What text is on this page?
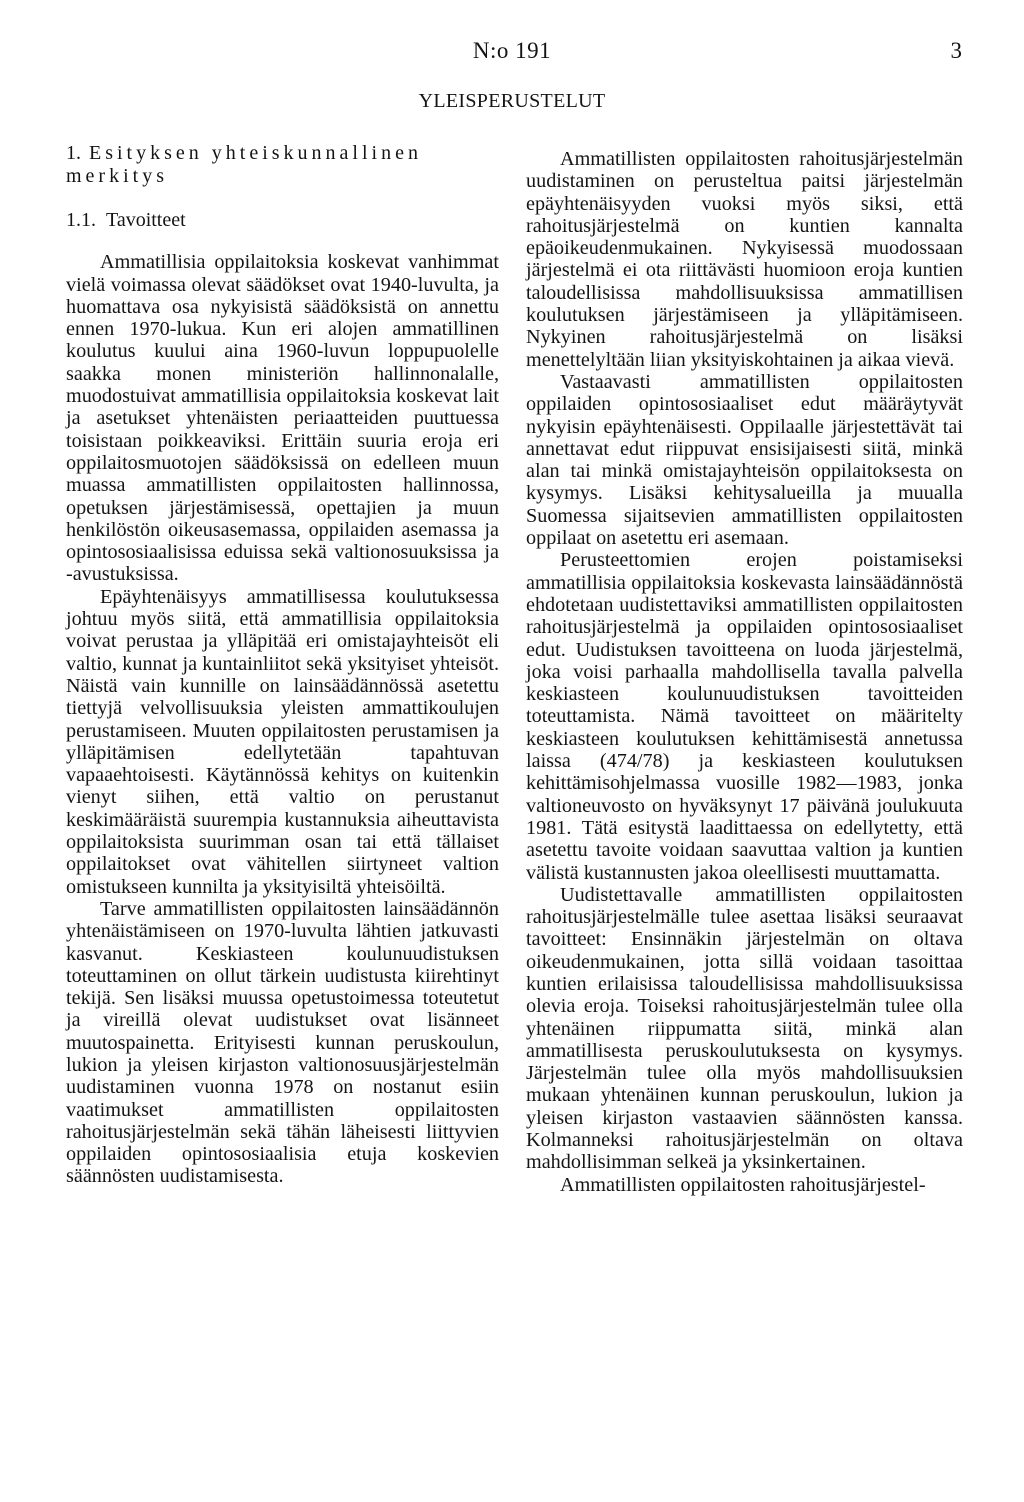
N:o 191	3
YLEISPERUSTELUT
1. Esityksen yhteiskunnallinen merkitys
1.1. Tavoitteet

Ammatillisia oppilaitoksia koskevat vanhimmat vielä voimassa olevat säädökset ovat 1940-luvulta, ja huomattava osa nykyisistä säädöksistä on annettu ennen 1970-lukua. Kun eri alojen ammatillinen koulutus kuului aina 1960-luvun loppupuolelle saakka monen ministeriön hallinnonalalle, muodostuivat ammatillisia oppilaitoksia koskevat lait ja asetukset yhtenäisten periaatteiden puuttuessa toisistaan poikkeaviksi. Erittäin suuria eroja eri oppilaitosmuotojen säädöksissä on edelleen muun muassa ammatillisten oppilaitosten hallinnossa, opetuksen järjestämisessä, opettajien ja muun henkilöstön oikeusasemassa, oppilaiden asemassa ja opintososiaalisissa eduissa sekä valtionosuuksissa ja -avustuksissa.

Epäyhtenäisyys ammatillisessa koulutuksessa johtuu myös siitä, että ammatillisia oppilaitoksia voivat perustaa ja ylläpitää eri omistajayhteisöt eli valtio, kunnat ja kuntainliitot sekä yksityiset yhteisöt. Näistä vain kunnille on lainsäädännössä asetettu tiettyjä velvollisuuksia yleisten ammattikoulujen perustamiseen. Muuten oppilaitosten perustamisen ja ylläpitämisen edellytetään tapahtuvan vapaaehtoisesti. Käytännössä kehitys on kuitenkin vienyt siihen, että valtio on perustanut keskimääräistä suurempia kustannuksia aiheuttavista oppilaitoksista suurimman osan tai että tällaiset oppilaitokset ovat vähitellen siirtyneet valtion omistukseen kunnilta ja yksityisiltä yhteisöiltä.

Tarve ammatillisten oppilaitosten lainsäädännön yhtenäistämiseen on 1970-luvulta lähtien jatkuvasti kasvanut. Keskiasteen koulunuudistuksen toteuttaminen on ollut tärkein uudistusta kiirehtinyt tekijä. Sen lisäksi muussa opetustoimessa toteutetut ja vireillä olevat uudistukset ovat lisänneet muutospainetta. Erityisesti kunnan peruskoulun, lukion ja yleisen kirjaston valtionosuusjärjestelmän uudistaminen vuonna 1978 on nostanut esiin vaatimukset ammatillisten oppilaitosten rahoitusjärjestelmän sekä tähän läheisesti liittyvien oppilaiden opintososiaalisia etuja koskevien säännösten uudistamisesta.

Ammatillisten oppilaitosten rahoitusjärjestelmän uudistaminen on perusteltua paitsi järjestelmän epäyhtenäisyyden vuoksi myös siksi, että rahoitusjärjestelmä on kuntien kannalta epäoikeudenmukainen. Nykyisessä muodossaan järjestelmä ei ota riittävästi huomioon eroja kuntien taloudellisissa mahdollisuuksissa ammatillisen koulutuksen järjestämiseen ja ylläpitämiseen. Nykyinen rahoitusjärjestelmä on lisäksi menettelyltään liian yksityiskohtainen ja aikaa vievä.

Vastaavasti ammatillisten oppilaitosten oppilaiden opintososiaaliset edut määräytyvät nykyisin epäyhtenäisesti. Oppilaalle järjestettävät tai annettavat edut riippuvat ensisijaisesti siitä, minkä alan tai minkä omistajayhteisön oppilaitoksesta on kysymys. Lisäksi kehitysalueilla ja muualla Suomessa sijaitsevien ammatillisten oppilaitosten oppilaat on asetettu eri asemaan.

Perusteettomien erojen poistamiseksi ammatillisia oppilaitoksia koskevasta lainsäädännöstä ehdotetaan uudistettaviksi ammatillisten oppilaitosten rahoitusjärjestelmä ja oppilaiden opintososiaaliset edut. Uudistuksen tavoitteena on luoda järjestelmä, joka voisi parhaalla mahdollisella tavalla palvella keskiasteen koulunuudistuksen tavoitteiden toteuttamista. Nämä tavoitteet on määritelty keskiasteen koulutuksen kehittämisestä annetussa laissa (474/78) ja keskiasteen koulutuksen kehittämisohjelmassa vuosille 1982—1983, jonka valtioneuvosto on hyväksynyt 17 päivänä joulukuuta 1981. Tätä esitystä laadittaessa on edellytetty, että asetettu tavoite voidaan saavuttaa valtion ja kuntien välistä kustannusten jakoa oleellisesti muuttamatta.

Uudistettavalle ammatillisten oppilaitosten rahoitusjärjestelmälle tulee asettaa lisäksi seuraavat tavoitteet: Ensinnäkin järjestelmän on oltava oikeudenmukainen, jotta sillä voidaan tasoittaa kuntien erilaisissa taloudellisissa mahdollisuuksissa olevia eroja. Toiseksi rahoitusjärjestelmän tulee olla yhtenäinen riippumatta siitä, minkä alan ammatillisesta peruskoulutuksesta on kysymys. Järjestelmän tulee olla myös mahdollisuuksien mukaan yhtenäinen kunnan peruskoulun, lukion ja yleisen kirjaston vastaavien säännösten kanssa. Kolmanneksi rahoitusjärjestelmän on oltava mahdollisimman selkeä ja yksinkertainen.

Ammatillisten oppilaitosten rahoitusjärjestel-
